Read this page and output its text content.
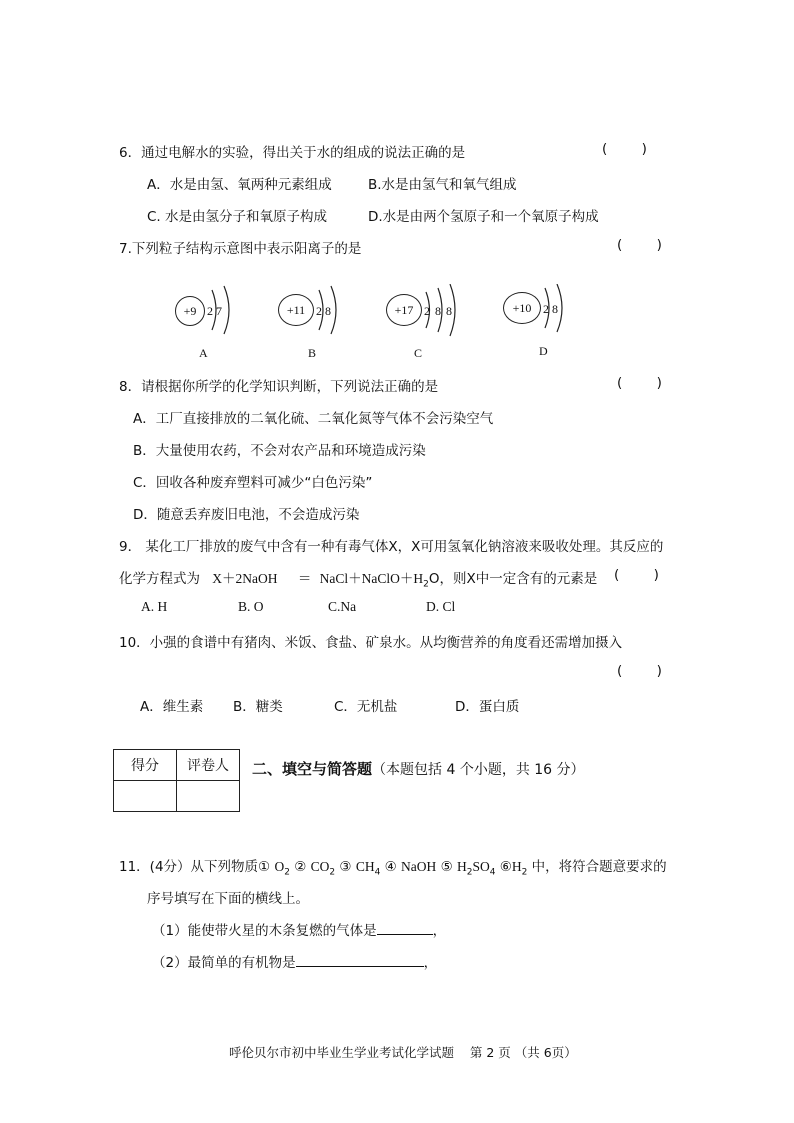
6．通过电解水的实验，得出关于水的组成的说法正确的是	(        )
A．水是由氢、氧两种元素组成	B.水是由氢气和氧气组成
C. 水是由氢分子和氧原子构成	D.水是由两个氢原子和一个氧原子构成
7.下列粒子结构示意图中表示阳离子的是	(        )
+9 2 7
A
+11 2 8
B
+17 2 8 8
C
+10 2 8
D
8．请根据你所学的化学知识判断，下列说法正确的是	(        )
A．工厂直接排放的二氧化硫、二氧化氮等气体不会污染空气
B．大量使用农药，不会对农产品和环境造成污染
C．回收各种废弃塑料可减少“白色污染”
D．随意丢弃废旧电池，不会造成污染
9． 某化工厂排放的废气中含有一种有毒气体X，X可用氢氧化钠溶液来吸收处理。其反应的
化学方程式为 X＋2NaOH ＝ $NaCl+NaClO+H_2O$，则X中一定含有的元素是 (        )
A. H	B. O	C.Na	D. Cl
10．小强的食谱中有猪肉、米饭、食盐、矿泉水。从均衡营养的角度看还需增加摄入
(        )
A．维生素 B．糖类	C．无机盐	D．蛋白质
得分	评卷人
	二、填空与简答题（本题包括 4 个小题，共 16 分）
11．(4分）从下列物质① $O_2$ ② $CO_2$ ③ $CH_4$ ④ NaOH ⑤ $H_2SO_4$ $⑥H_2$ 中，将符合题意要求的
序号填写在下面的横线上。
（1）能使带火星的木条复燃的气体是	，
（2）最简单的有机物是	，
呼伦贝尔市初中毕业生学业考试化学试题    第 2 页 （共 6页）
